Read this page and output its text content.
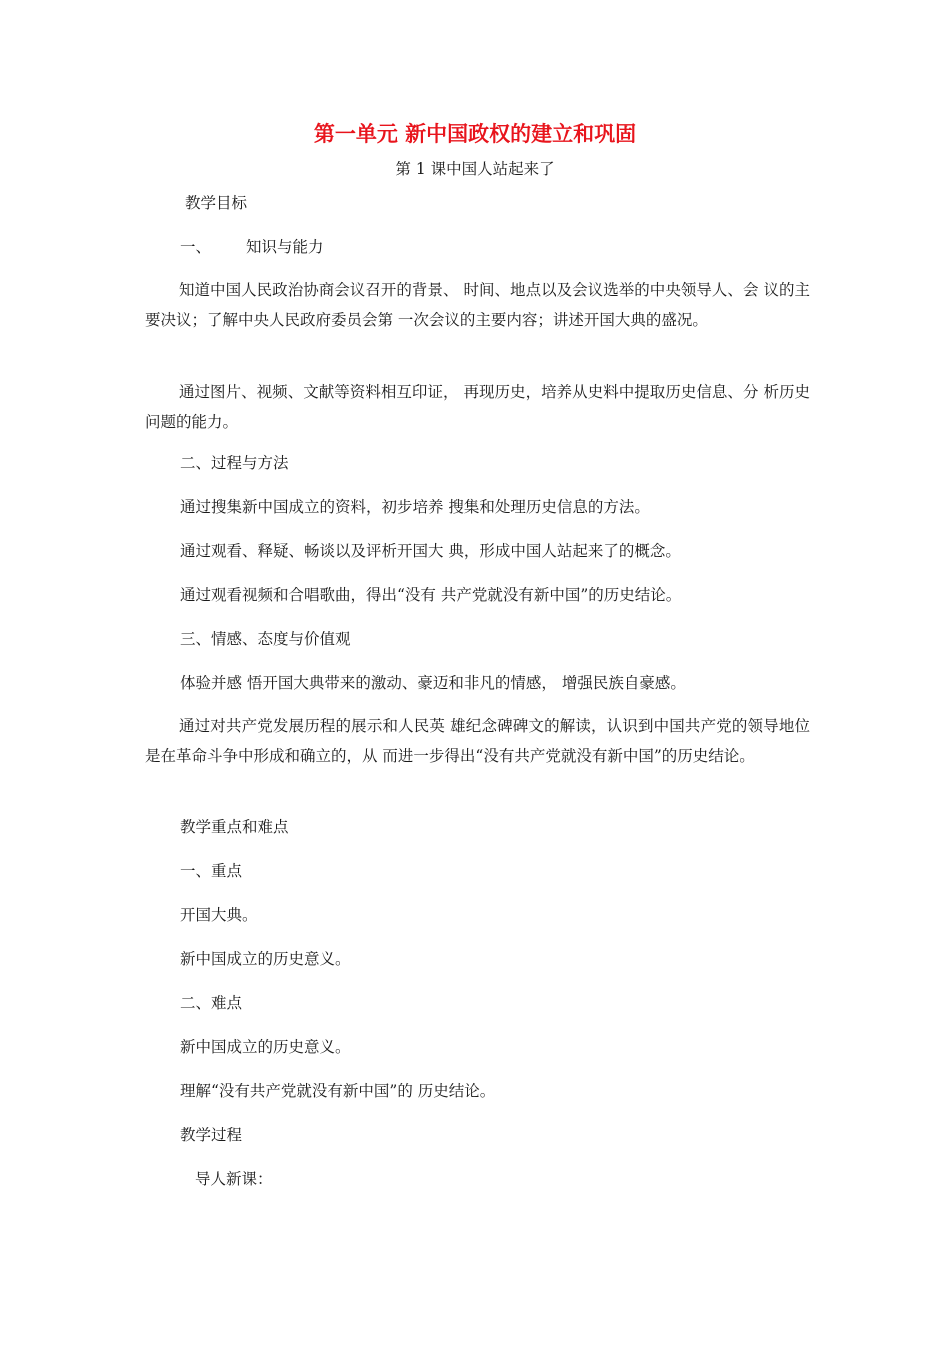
第一单元 新中国政权的建立和巩固
第 1 课中国人站起来了
教学目标
一、 知识与能力
知道中国人民政治协商会议召开的背景、 时间、地点以及会议选举的中央领导人、会 议的主要决议；了解中央人民政府委员会第 一次会议的主要内容；讲述开国大典的盛况。
通过图片、视频、文献等资料相互印证， 再现历史，培养从史料中提取历史信息、分 析历史问题的能力。
二、过程与方法
通过搜集新中国成立的资料，初步培养 搜集和处理历史信息的方法。
通过观看、释疑、畅谈以及评析开国大 典，形成中国人站起来了的概念。
通过观看视频和合唱歌曲，得出“没有 共产党就没有新中国”的历史结论。
三、情感、态度与价值观
体验并感 悟开国大典带来的激动、豪迈和非凡的情感， 增强民族自豪感。
通过对共产党发展历程的展示和人民英 雄纪念碑碑文的解读，认识到中国共产党的领导地位是在革命斗争中形成和确立的，从 而进一步得出“没有共产党就没有新中国”的历史结论。
教学重点和难点
一、重点
开国大典。
新中国成立的历史意义。
二、难点
新中国成立的历史意义。
理解“没有共产党就没有新中国”的 历史结论。
教学过程
导人新课：
